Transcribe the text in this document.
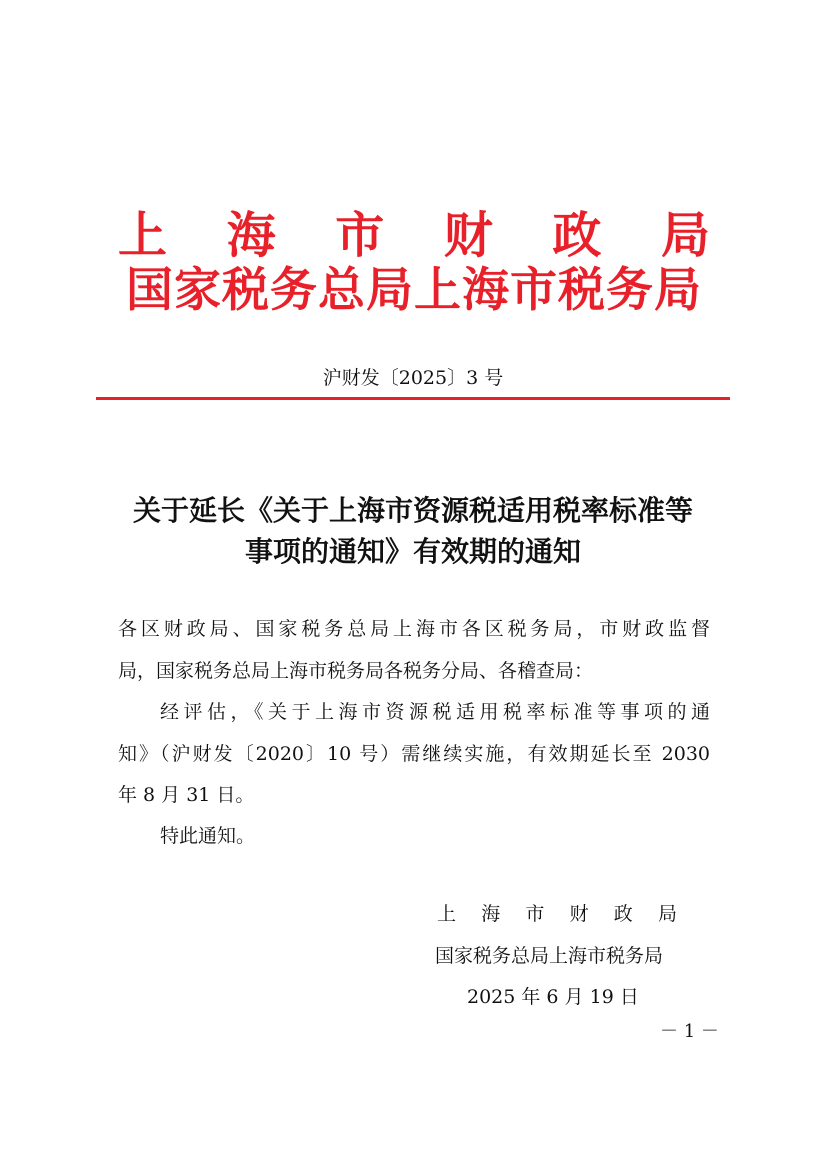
上 海 市 财 政 局
国家税务总局上海市税务局
沪财发〔2025〕3 号
关于延长《关于上海市资源税适用税率标准等
事项的通知》有效期的通知
各区财政局、国家税务总局上海市各区税务局，市财政监督
局，国家税务总局上海市税务局各税务分局、各稽查局：
经评估，《关于上海市资源税适用税率标准等事项的通
知》（沪财发〔2020〕10 号）需继续实施，有效期延长至 2030
年 8 月 31 日。
特此通知。
上 海 市 财 政 局
国家税务总局上海市税务局
2025 年 6 月 19 日
－ 1 －
